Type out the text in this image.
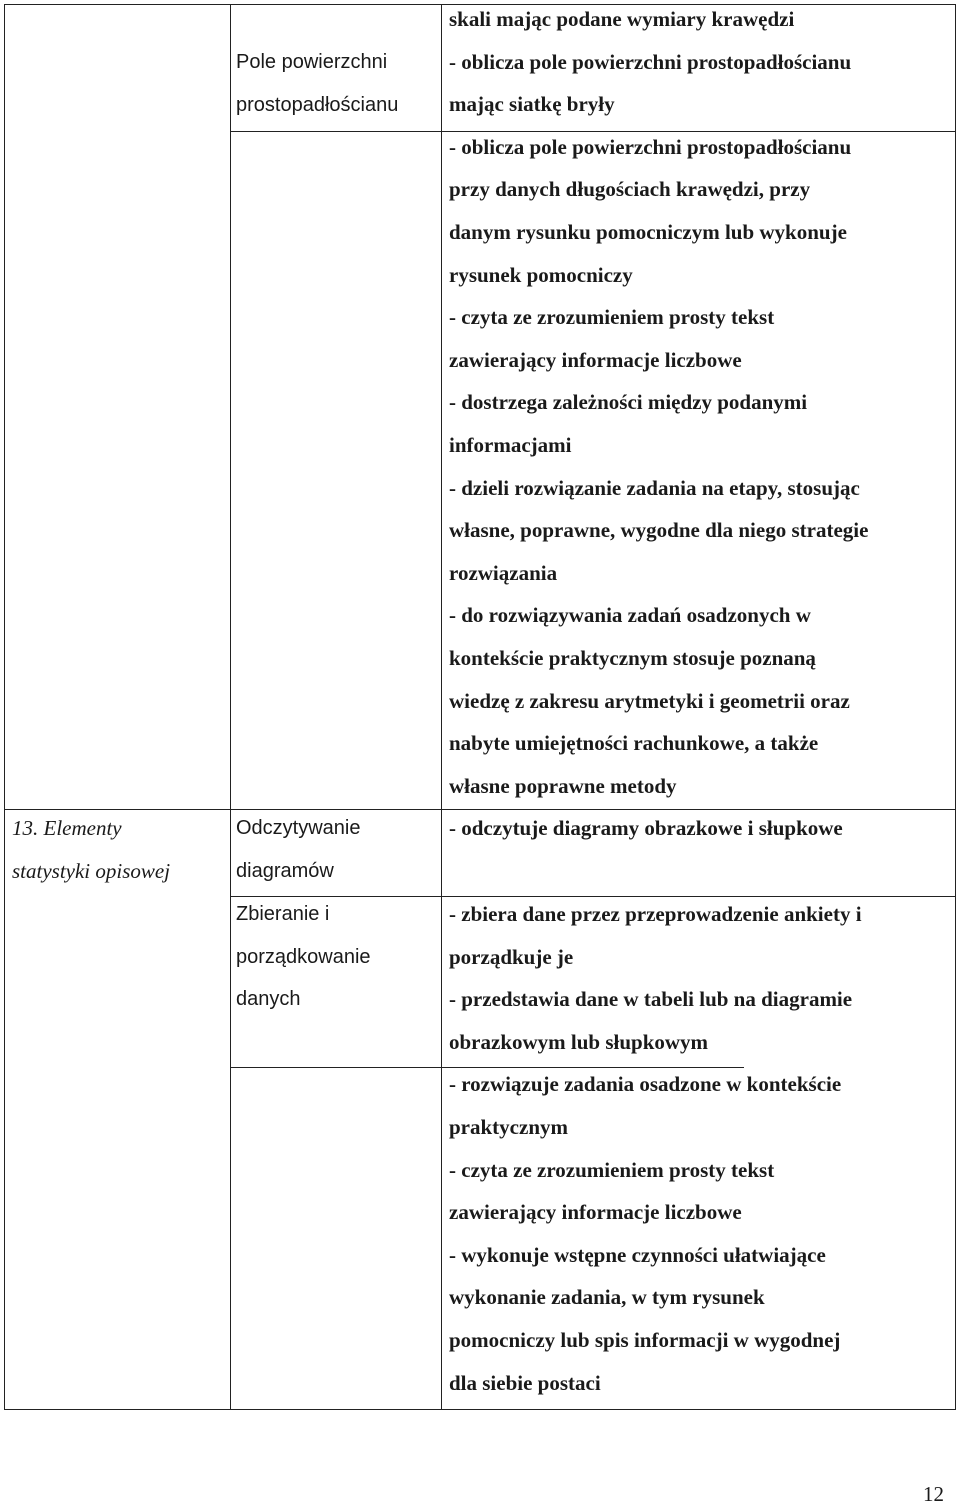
Pole powierzchni
prostopadłościanu
skali mając podane wymiary krawędzi
- oblicza pole powierzchni prostopadłościanu
mając siatkę bryły
- oblicza pole powierzchni prostopadłościanu
przy danych długościach krawędzi, przy
danym rysunku pomocniczym lub wykonuje
rysunek pomocniczy
- czyta ze zrozumieniem prosty tekst
zawierający informacje liczbowe
- dostrzega zależności między podanymi
informacjami
- dzieli rozwiązanie zadania na etapy, stosując
własne, poprawne, wygodne dla niego strategie
rozwiązania
- do rozwiązywania zadań osadzonych w
kontekście praktycznym stosuje poznaną
wiedzę z zakresu arytmetyki i geometrii oraz
nabyte umiejętności rachunkowe, a także
własne poprawne metody
13. Elementy
statystyki opisowej
Odczytywanie
diagramów
- odczytuje diagramy obrazkowe i słupkowe
Zbieranie i
porządkowanie
danych
- zbiera dane przez przeprowadzenie ankiety i
porządkuje je
- przedstawia dane w tabeli lub na diagramie
obrazkowym lub słupkowym
- rozwiązuje zadania osadzone w kontekście
praktycznym
- czyta ze zrozumieniem prosty tekst
zawierający informacje liczbowe
- wykonuje wstępne czynności ułatwiające
wykonanie zadania, w tym rysunek
pomocniczy lub spis informacji w wygodnej
dla siebie postaci
12
